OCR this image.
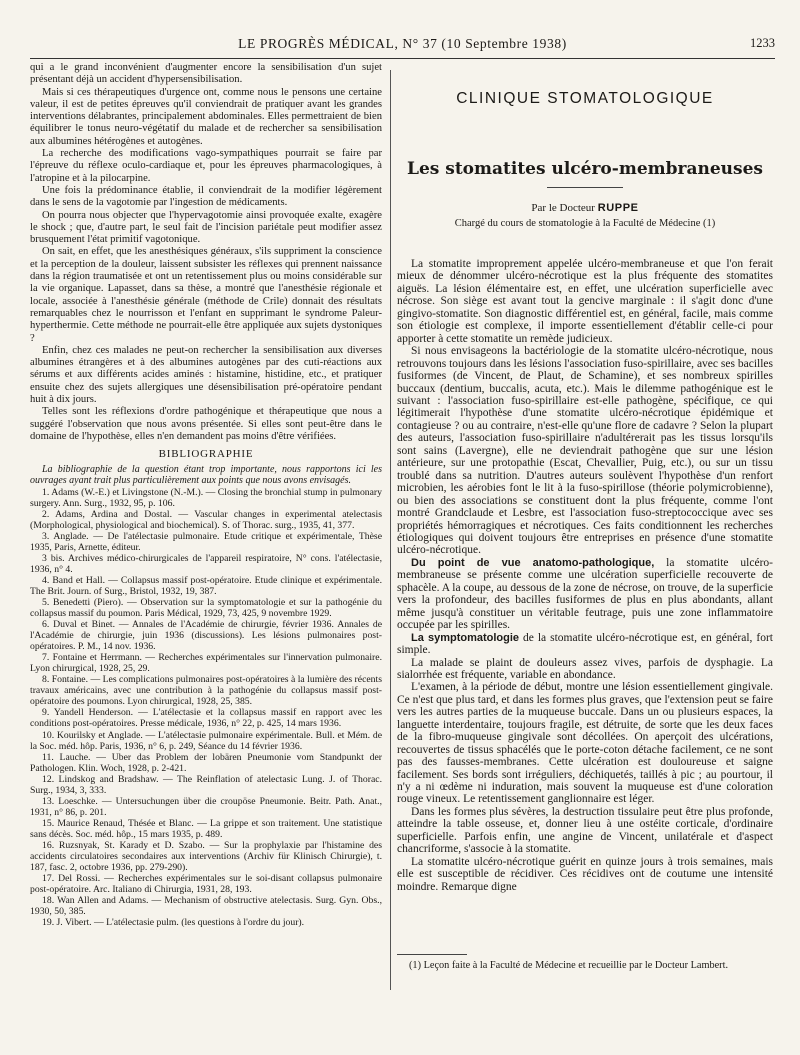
LE PROGRÈS MÉDICAL, N° 37 (10 Septembre 1938)	1233

qui a le grand inconvénient d'augmenter encore la sensibilisation d'un sujet présentant déjà un accident d'hypersensibilisation.

Mais si ces thérapeutiques d'urgence ont, comme nous le pensons une certaine valeur, il est de petites épreuves qu'il conviendrait de pratiquer avant les grandes interventions délabrantes, principalement abdominales. Elles permettraient de bien équilibrer le tonus neuro-végétatif du malade et de rechercher sa sensibilisation aux albumines hétérogènes et autogènes.

La recherche des modifications vago-sympathiques pourrait se faire par l'épreuve du réflexe oculo-cardiaque et, pour les épreuves pharmacologiques, à l'atropine et à la pilocarpine.

Une fois la prédominance établie, il conviendrait de la modifier légèrement dans le sens de la vagotomie par l'ingestion de médicaments.

On pourra nous objecter que l'hypervagotomie ainsi provoquée exalte, exagère le shock ; que, d'autre part, le seul fait de l'incision pariétale peut modifier assez brusquement l'état primitif vagotonique.

On sait, en effet, que les anesthésiques généraux, s'ils suppriment la conscience et la perception de la douleur, laissent subsister les réflexes qui prennent naissance dans la région traumatisée et ont un retentissement plus ou moins considérable sur la vie organique. Lapasset, dans sa thèse, a montré que l'anesthésie régionale et locale, associée à l'anesthésie générale (méthode de Crile) donnait des résultats remarquables chez le nourrisson et l'enfant en supprimant le syndrome Paleur-hyperthermie. Cette méthode ne pourrait-elle être appliquée aux sujets dystoniques ?

Enfin, chez ces malades ne peut-on rechercher la sensibilisation aux diverses albumines étrangères et à des albumines autogènes par des cuti-réactions aux sérums et aux différents acides aminés : histamine, histidine, etc., et pratiquer ensuite chez des sujets allergiques une désensibilisation pré-opératoire pendant huit à dix jours.

Telles sont les réflexions d'ordre pathogénique et thérapeutique que nous a suggéré l'observation que nous avons présentée. Si elles sont peut-être dans le domaine de l'hypothèse, elles n'en demandent pas moins d'être vérifiées.

BIBLIOGRAPHIE

La bibliographie de la question étant trop importante, nous rapportons ici les ouvrages ayant trait plus particulièrement aux points que nous avons envisagés.

1. Adams (W.-E.) et Livingstone (N.-M.). — Closing the bronchial stump in pulmonary surgery. Ann. Surg., 1932, 95, p. 106.
2. Adams, Ardina and Dostal. — Vascular changes in experimental atelectasis (Morphological, physiological and biochemical). S. of Thorac. surg., 1935, 41, 377.
3. Anglade. — De l'atélectasie pulmonaire. Etude critique et expérimentale, Thèse 1935, Paris, Arnette, éditeur.
3 bis. Archives médico-chirurgicales de l'appareil respiratoire, N° cons. l'atélectasie, 1936, n° 4.
4. Band et Hall. — Collapsus massif post-opératoire. Etude clinique et expérimentale. The Brit. Journ. of Surg., Bristol, 1932, 19, 387.
5. Benedetti (Piero). — Observation sur la symptomatologie et sur la pathogénie du collapsus massif du poumon. Paris Médical, 1929, 73, 425, 9 novembre 1929.
6. Duval et Binet. — Annales de l'Académie de chirurgie, février 1936. Annales de l'Académie de chirurgie, juin 1936 (discussions). Les lésions pulmonaires post-opératoires. P. M., 14 nov. 1936.
7. Fontaine et Herrmann. — Recherches expérimentales sur l'innervation pulmonaire. Lyon chirurgical, 1928, 25, 29.
8. Fontaine. — Les complications pulmonaires post-opératoires à la lumière des récents travaux américains, avec une contribution à la pathogénie du collapsus massif post-opératoire des poumons. Lyon chirurgical, 1928, 25, 385.
9. Yandell Henderson. — L'atélectasie et la collapsus massif en rapport avec les conditions post-opératoires. Presse médicale, 1936, n° 22, p. 425, 14 mars 1936.
10. Kourilsky et Anglade. — L'atélectasie pulmonaire expérimentale. Bull. et Mém. de la Soc. méd. hôp. Paris, 1936, n° 6, p. 249, Séance du 14 février 1936.
11. Lauche. — Uber das Problem der lobären Pneumonie vom Standpunkt der Pathologen. Klin. Woch, 1928, p. 2-421.
12. Lindskog and Bradshaw. — The Reinflation of atelectasic Lung. J. of Thorac. Surg., 1934, 3, 333.
13. Loeschke. — Untersuchungen über die croupöse Pneumonie. Beitr. Path. Anat., 1931, n° 86, p. 201.
15. Maurice Renaud, Thésée et Blanc. — La grippe et son traitement. Une statistique sans décès. Soc. méd. hôp., 15 mars 1935, p. 489.
16. Ruzsnyak, St. Karady et D. Szabo. — Sur la prophylaxie par l'histamine des accidents circulatoires secondaires aux interventions (Archiv für Klinisch Chirurgie), t. 187, fasc. 2, octobre 1936, pp. 279-290).
17. Del Rossi. — Recherches expérimentales sur le soi-disant collapsus pulmonaire post-opératoire. Arc. Italiano di Chirurgia, 1931, 28, 193.
18. Wan Allen and Adams. — Mechanism of obstructive atelectasis. Surg. Gyn. Obs., 1930, 50, 385.
19. J. Vibert. — L'atélectasie pulm. (les questions à l'ordre du jour).
CLINIQUE STOMATOLOGIQUE
Les stomatites ulcéro-membraneuses
Par le Docteur RUPPE
Chargé du cours de stomatologie à la Faculté de Médecine (1)

La stomatite improprement appelée ulcéro-membraneuse et que l'on ferait mieux de dénommer ulcéro-nécrotique est la plus fréquente des stomatites aiguës. La lésion élémentaire est, en effet, une ulcération superficielle avec nécrose. Son siège est avant tout la gencive marginale : il s'agit donc d'une gingivo-stomatite. Son diagnostic différentiel est, en général, facile, mais comme son étiologie est complexe, il importe essentiellement d'établir celle-ci pour apporter à cette stomatite un remède judicieux.

Si nous envisageons la bactériologie de la stomatite ulcéro-nécrotique, nous retrouvons toujours dans les lésions l'association fuso-spirillaire, avec ses bacilles fusiformes (de Vincent, de Plaut, de Schamine), et ses nombreux spirilles buccaux (dentium, buccalis, acuta, etc.). Mais le dilemme pathogénique est le suivant : l'association fuso-spirillaire est-elle pathogène, spécifique, ce qui légitimerait l'hypothèse d'une stomatite ulcéro-nécrotique épidémique et contagieuse ? ou au contraire, n'est-elle qu'une flore de cadavre ? Selon la plupart des auteurs, l'association fuso-spirillaire n'adultérerait pas les tissus lorsqu'ils sont sains (Lavergne), elle ne deviendrait pathogène que sur une lésion antérieure, sur une protopathie (Escat, Chevallier, Puig, etc.), ou sur un tissu troublé dans sa nutrition. D'autres auteurs soulèvent l'hypothèse d'un renfort microbien, les aérobies font le lit à la fuso-spirillose (théorie polymicrobienne), ou bien des associations se constituent dont la plus fréquente, comme l'ont montré Grandclaude et Lesbre, est l'association fuso-streptococcique avec ses propriétés hémorragiques et nécrotiques. Ces faits conditionnent les recherches étiologiques qui doivent toujours être entreprises en présence d'une stomatite ulcéro-nécrotique.

Du point de vue anatomo-pathologique, la stomatite ulcéro-membraneuse se présente comme une ulcération superficielle recouverte de sphacèle. A la coupe, au dessous de la zone de nécrose, on trouve, de la superficie vers la profondeur, des bacilles fusiformes de plus en plus abondants, allant même jusqu'à constituer un véritable feutrage, puis une zone inflammatoire occupée par les spirilles.

La symptomatologie de la stomatite ulcéro-nécrotique est, en général, fort simple.

La malade se plaint de douleurs assez vives, parfois de dysphagie. La sialorrhée est fréquente, variable en abondance.

L'examen, à la période de début, montre une lésion essentiellement gingivale. Ce n'est que plus tard, et dans les formes plus graves, que l'extension peut se faire vers les autres parties de la muqueuse buccale. Dans un ou plusieurs espaces, la languette interdentaire, toujours fragile, est détruite, de sorte que les deux faces de la fibro-muqueuse gingivale sont décollées. On aperçoit des ulcérations, recouvertes de tissus sphacélés que le porte-coton détache facilement, ce ne sont pas des fausses-membranes. Cette ulcération est douloureuse et saigne facilement. Ses bords sont irréguliers, déchiquetés, taillés à pic ; au pourtour, il n'y a ni œdème ni induration, mais souvent la muqueuse est d'une coloration rouge vineux. Le retentissement ganglionnaire est léger.

Dans les formes plus sévères, la destruction tissulaire peut être plus profonde, atteindre la table osseuse, et, donner lieu à une ostéite corticale, d'ordinaire superficielle. Parfois enfin, une angine de Vincent, unilatérale et d'aspect chancriforme, s'associe à la stomatite.

La stomatite ulcéro-nécrotique guérit en quinze jours à trois semaines, mais elle est susceptible de récidiver. Ces récidives ont de coutume une intensité moindre. Remarque digne

(1) Leçon faite à la Faculté de Médecine et recueillie par le Docteur Lambert.
